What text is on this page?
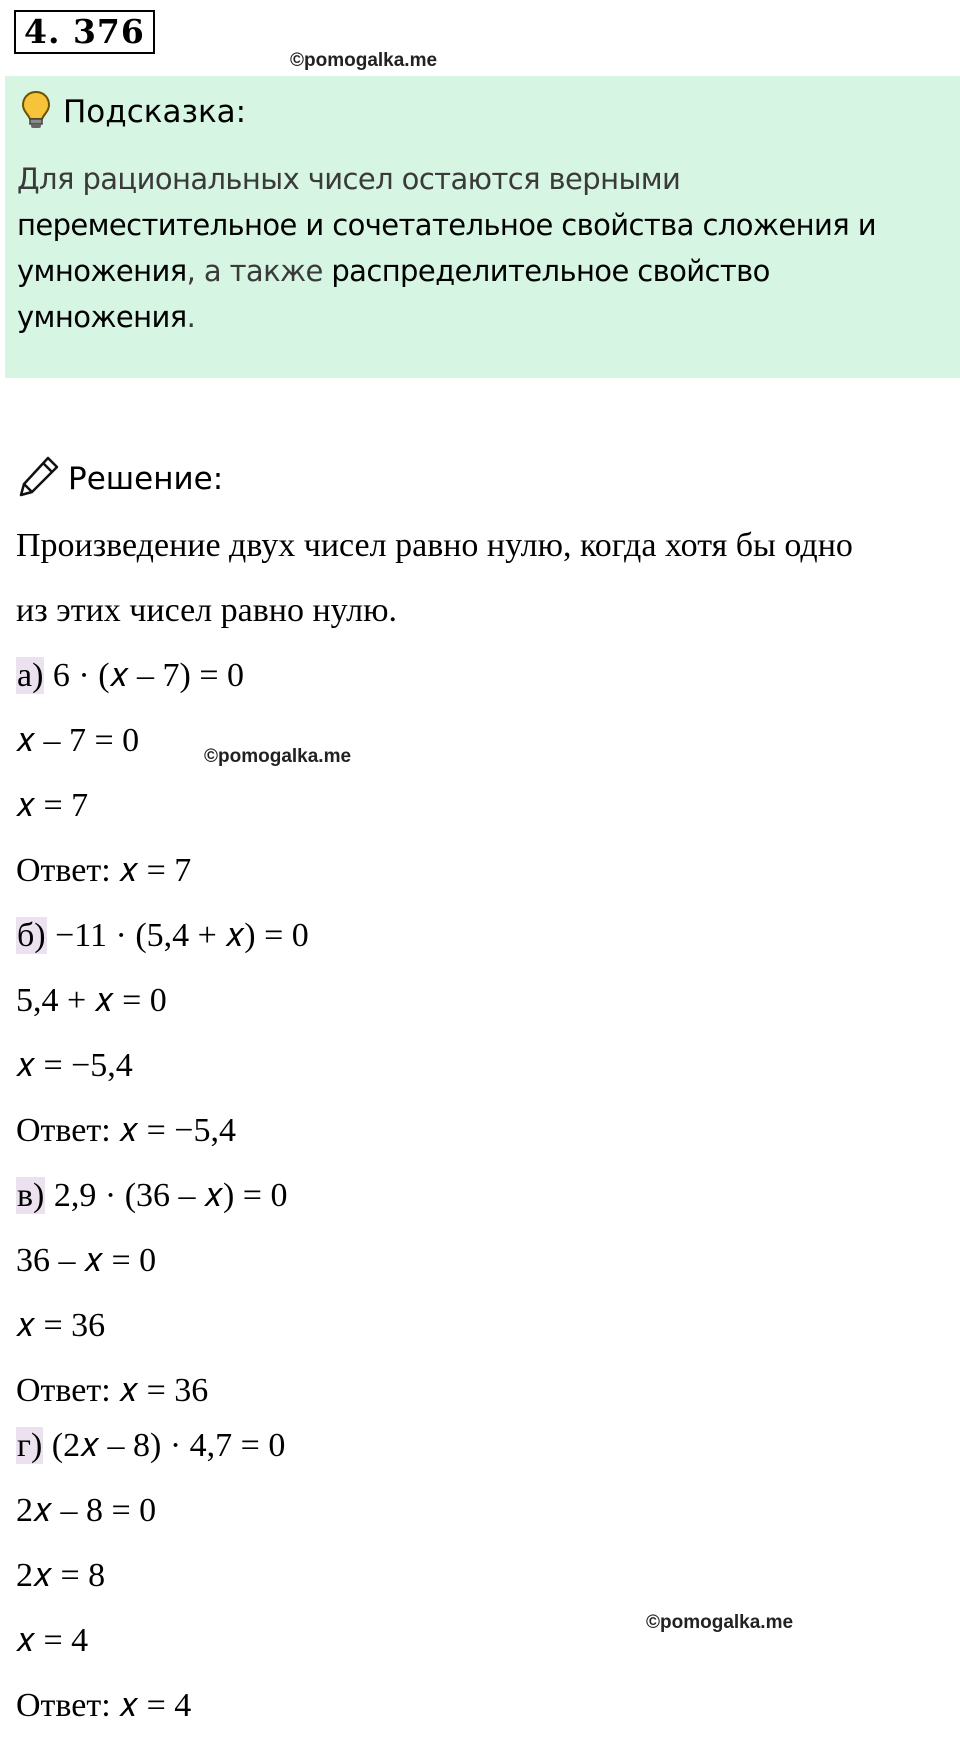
4. 376
©pomogalka.me
Подсказка:
Для рациональных чисел остаются верными переместительное и сочетательное свойства сложения и умножения, а также распределительное свойство умножения.
Решение:
Произведение двух чисел равно нулю, когда хотя бы одно
из этих чисел равно нулю.
а) 6 · (𝑥 – 7) = 0
𝑥 – 7 = 0	©pomogalka.me
𝑥 = 7
Ответ: 𝑥 = 7
б) −11 · (5,4 + 𝑥) = 0
5,4 + 𝑥 = 0
𝑥 = −5,4
Ответ: 𝑥 = −5,4
в) 2,9 · (36 – 𝑥) = 0
36 – 𝑥 = 0
𝑥 = 36
Ответ: 𝑥 = 36
г) (2𝑥 – 8) · 4,7 = 0
2𝑥 – 8 = 0
2𝑥 = 8
𝑥 = 4	©pomogalka.me
Ответ: 𝑥 = 4
